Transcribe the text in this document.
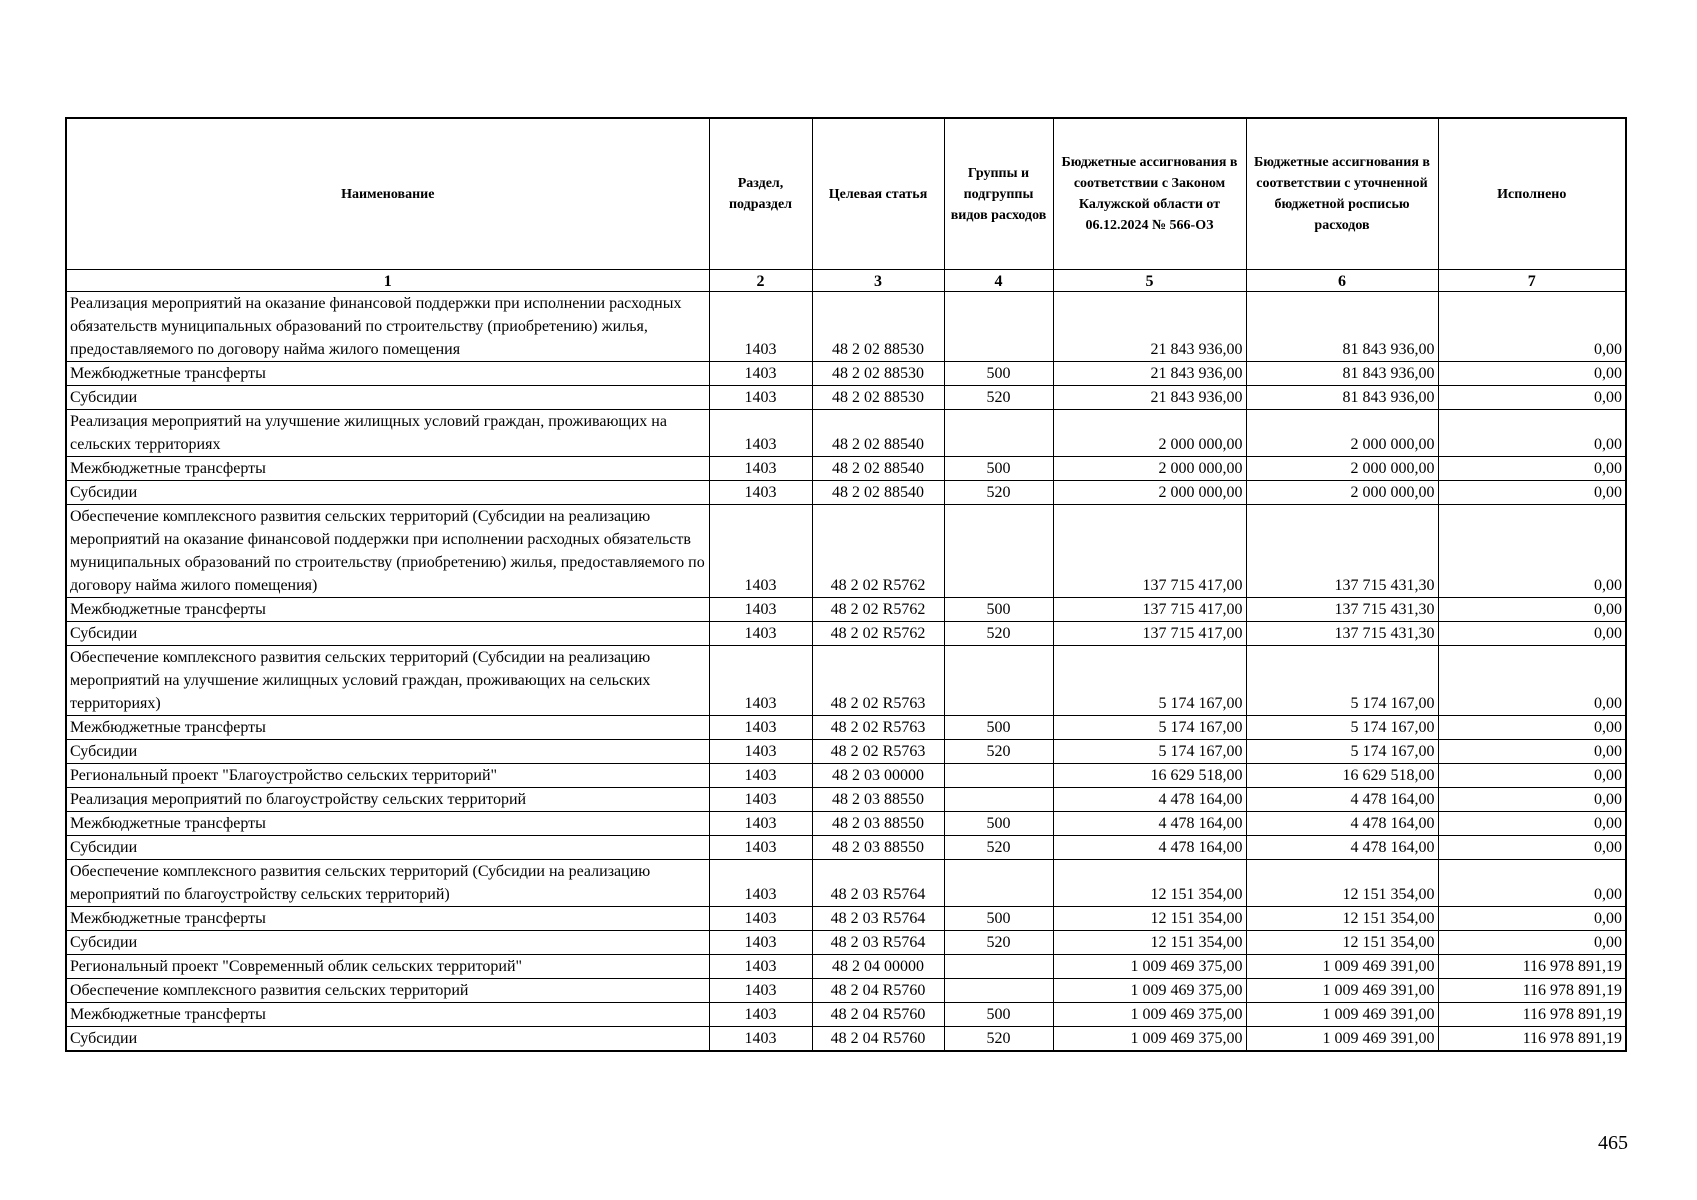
Наименование	Раздел, подраздел	Целевая статья	Группы и подгруппы видов расходов	Бюджетные ассигнования в соответствии с Законом Калужской области от 06.12.2024 № 566-ОЗ	Бюджетные ассигнования в соответствии с уточненной бюджетной росписью расходов	Исполнено
1	2	3	4	5	6	7
Реализация мероприятий на оказание финансовой поддержки при исполнении расходных обязательств муниципальных образований по строительству (приобретению) жилья, предоставляемого по договору найма жилого помещения	1403	48 2 02 88530		21 843 936,00	81 843 936,00	0,00
Межбюджетные трансферты	1403	48 2 02 88530	500	21 843 936,00	81 843 936,00	0,00
Субсидии	1403	48 2 02 88530	520	21 843 936,00	81 843 936,00	0,00
Реализация мероприятий на улучшение жилищных условий граждан, проживающих на сельских территориях	1403	48 2 02 88540		2 000 000,00	2 000 000,00	0,00
Межбюджетные трансферты	1403	48 2 02 88540	500	2 000 000,00	2 000 000,00	0,00
Субсидии	1403	48 2 02 88540	520	2 000 000,00	2 000 000,00	0,00
Обеспечение комплексного развития сельских территорий (Субсидии на реализацию мероприятий на оказание финансовой поддержки при исполнении расходных обязательств муниципальных образований по строительству (приобретению) жилья, предоставляемого по договору найма жилого помещения)	1403	48 2 02 R5762		137 715 417,00	137 715 431,30	0,00
Межбюджетные трансферты	1403	48 2 02 R5762	500	137 715 417,00	137 715 431,30	0,00
Субсидии	1403	48 2 02 R5762	520	137 715 417,00	137 715 431,30	0,00
Обеспечение комплексного развития сельских территорий (Субсидии на реализацию мероприятий на улучшение жилищных условий граждан, проживающих на сельских территориях)	1403	48 2 02 R5763		5 174 167,00	5 174 167,00	0,00
Межбюджетные трансферты	1403	48 2 02 R5763	500	5 174 167,00	5 174 167,00	0,00
Субсидии	1403	48 2 02 R5763	520	5 174 167,00	5 174 167,00	0,00
Региональный проект "Благоустройство сельских территорий"	1403	48 2 03 00000		16 629 518,00	16 629 518,00	0,00
Реализация мероприятий по благоустройству сельских территорий	1403	48 2 03 88550		4 478 164,00	4 478 164,00	0,00
Межбюджетные трансферты	1403	48 2 03 88550	500	4 478 164,00	4 478 164,00	0,00
Субсидии	1403	48 2 03 88550	520	4 478 164,00	4 478 164,00	0,00
Обеспечение комплексного развития сельских территорий (Субсидии на реализацию мероприятий по благоустройству сельских территорий)	1403	48 2 03 R5764		12 151 354,00	12 151 354,00	0,00
Межбюджетные трансферты	1403	48 2 03 R5764	500	12 151 354,00	12 151 354,00	0,00
Субсидии	1403	48 2 03 R5764	520	12 151 354,00	12 151 354,00	0,00
Региональный проект "Современный облик сельских территорий"	1403	48 2 04 00000		1 009 469 375,00	1 009 469 391,00	116 978 891,19
Обеспечение комплексного развития сельских территорий	1403	48 2 04 R5760		1 009 469 375,00	1 009 469 391,00	116 978 891,19
Межбюджетные трансферты	1403	48 2 04 R5760	500	1 009 469 375,00	1 009 469 391,00	116 978 891,19
Субсидии	1403	48 2 04 R5760	520	1 009 469 375,00	1 009 469 391,00	116 978 891,19
465
